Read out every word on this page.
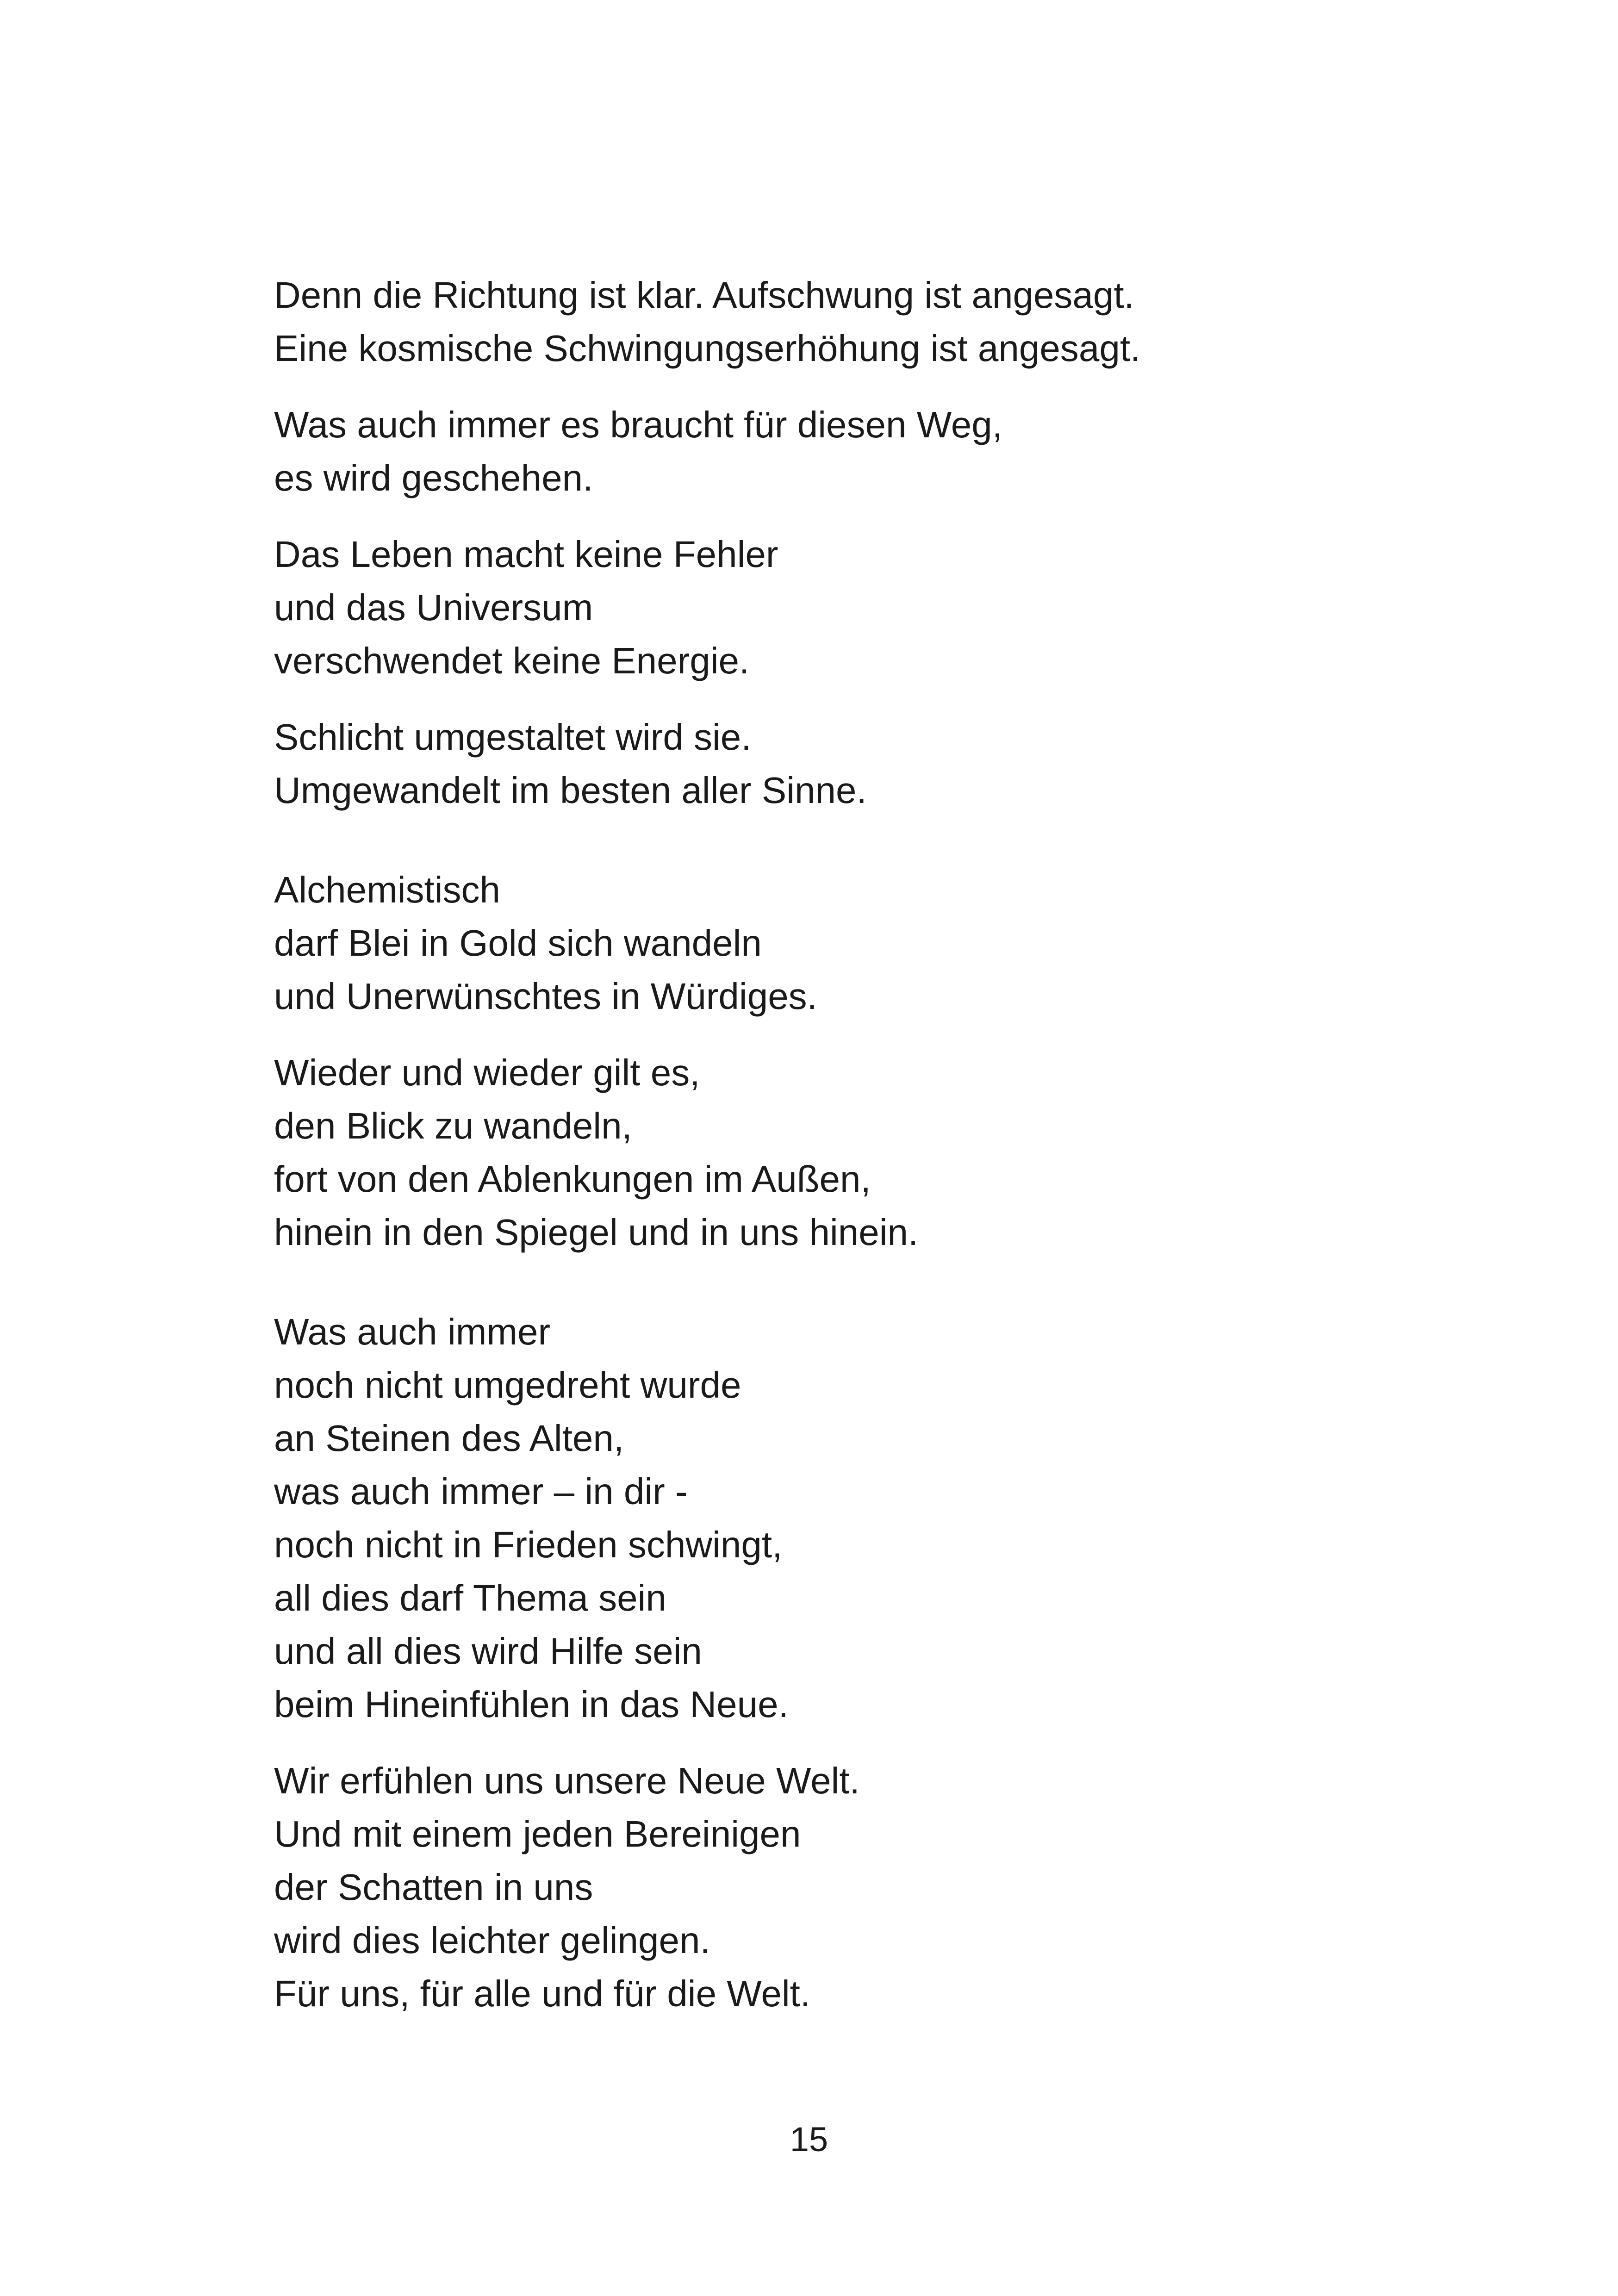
Denn die Richtung ist klar. Aufschwung ist angesagt.
Eine kosmische Schwingungserhöhung ist angesagt.
Was auch immer es braucht für diesen Weg,
es wird geschehen.
Das Leben macht keine Fehler
und das Universum
verschwendet keine Energie.
Schlicht umgestaltet wird sie.
Umgewandelt im besten aller Sinne.
Alchemistisch
darf Blei in Gold sich wandeln
und Unerwünschtes in Würdiges.
Wieder und wieder gilt es,
den Blick zu wandeln,
fort von den Ablenkungen im Außen,
hinein in den Spiegel und in uns hinein.
Was auch immer
noch nicht umgedreht wurde
an Steinen des Alten,
was auch immer – in dir -
noch nicht in Frieden schwingt,
all dies darf Thema sein
und all dies wird Hilfe sein
beim Hineinfühlen in das Neue.
Wir erfühlen uns unsere Neue Welt.
Und mit einem jeden Bereinigen
der Schatten in uns
wird dies leichter gelingen.
Für uns, für alle und für die Welt.
15
